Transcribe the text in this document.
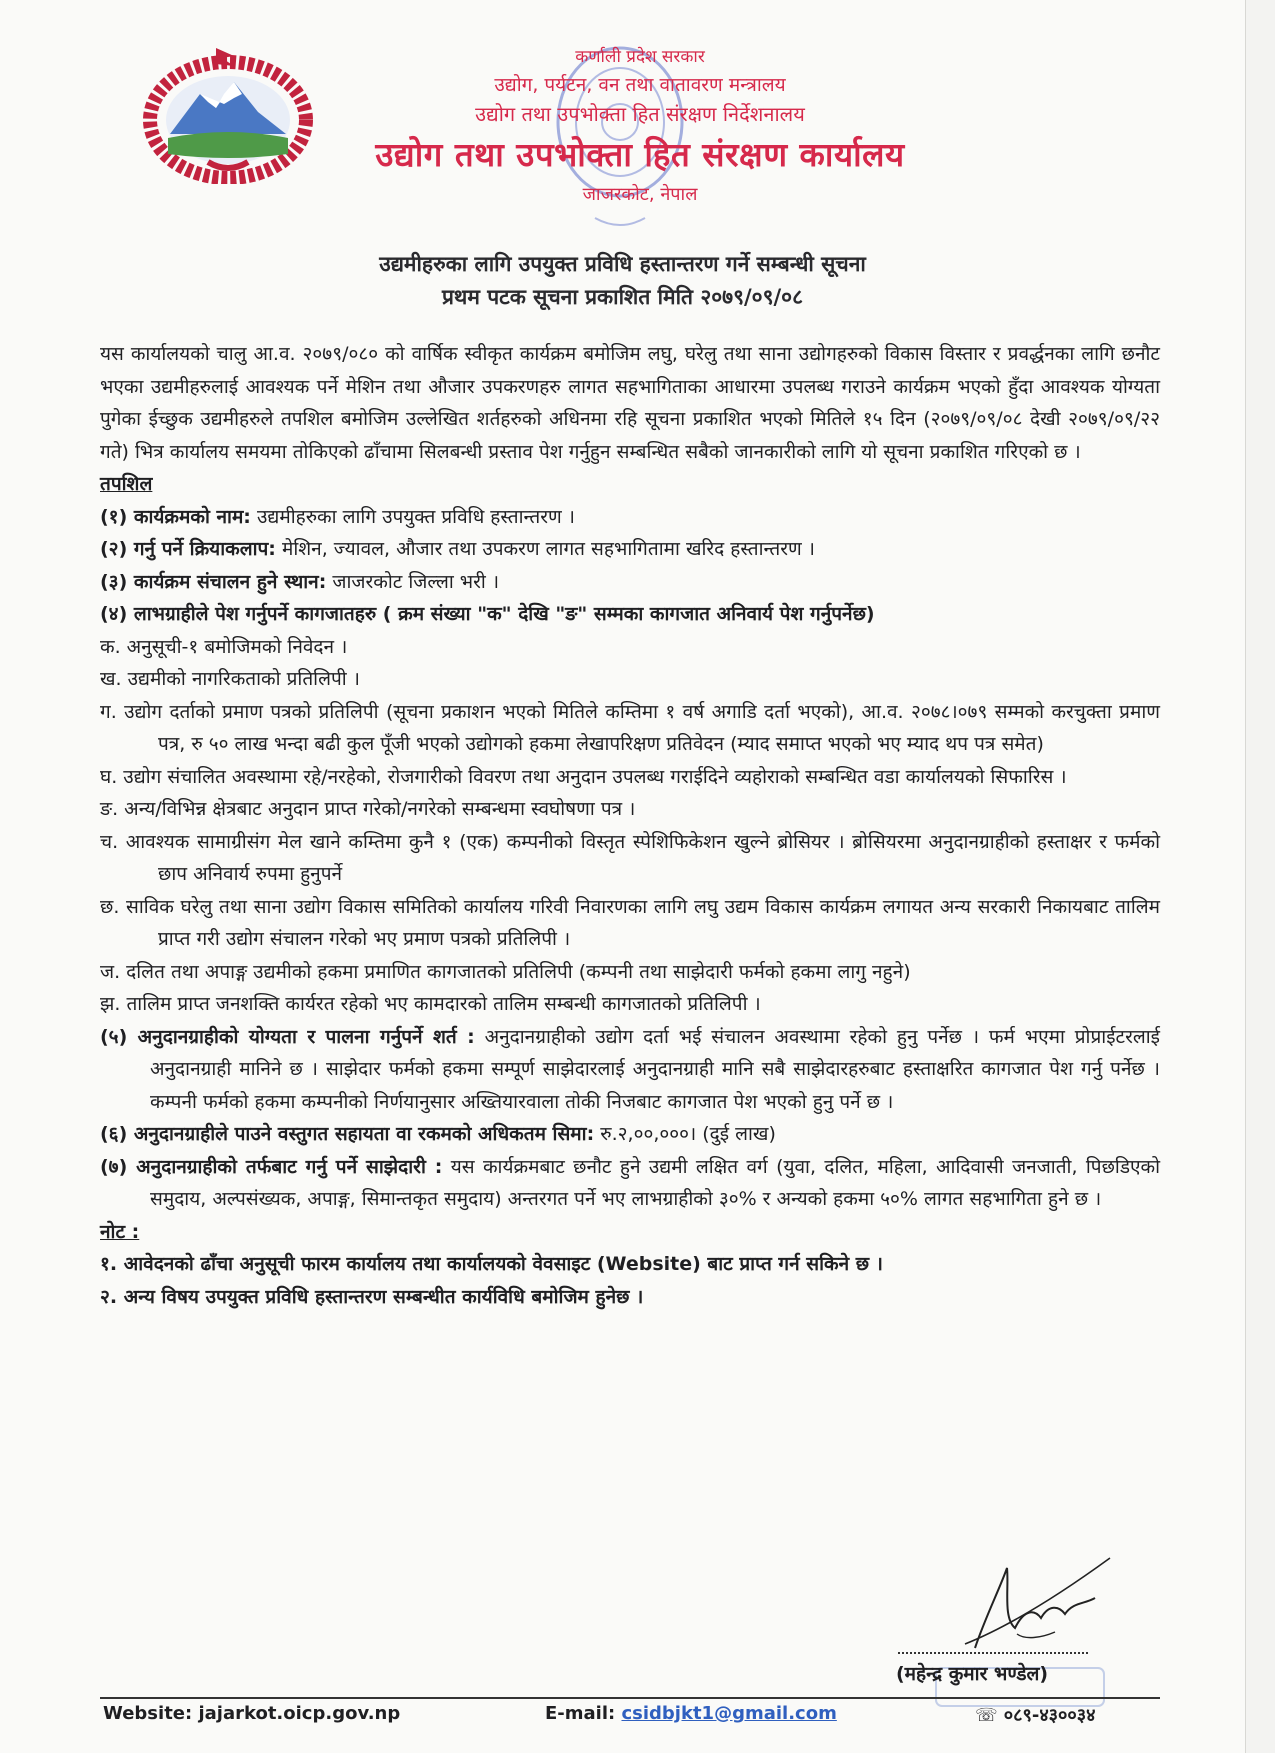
कर्णाली प्रदेश सरकार
उद्योग, पर्यटन, वन तथा वातावरण मन्त्रालय
उद्योग तथा उपभोक्ता हित संरक्षण निर्देशनालय
उद्योग तथा उपभोक्ता हित संरक्षण कार्यालय
जाजरकोट, नेपाल
उद्यमीहरुका लागि उपयुक्त प्रविधि हस्तान्तरण गर्ने सम्बन्धी सूचना
प्रथम पटक सूचना प्रकाशित मिति २०७९/०९/०८

यस कार्यालयको चालु आ.व. २०७९/०८० को वार्षिक स्वीकृत कार्यक्रम बमोजिम लघु, घरेलु तथा साना उद्योगहरुको विकास विस्तार र प्रवर्द्धनका लागि छनौट भएका उद्यमीहरुलाई आवश्यक पर्ने मेशिन तथा औजार उपकरणहरु लागत सहभागिताका आधारमा उपलब्ध गराउने कार्यक्रम भएको हुँदा आवश्यक योग्यता पुगेका ईच्छुक उद्यमीहरुले तपशिल बमोजिम उल्लेखित शर्तहरुको अधिनमा रहि सूचना प्रकाशित भएको मितिले १५ दिन (२०७९/०९/०८ देखी २०७९/०९/२२ गते) भित्र कार्यालय समयमा तोकिएको ढाँचामा सिलबन्धी प्रस्ताव पेश गर्नुहुन सम्बन्धित सबैको जानकारीको लागि यो सूचना प्रकाशित गरिएको छ ।

तपशिल

(१) कार्यक्रमको नाम: उद्यमीहरुका लागि उपयुक्त प्रविधि हस्तान्तरण ।

(२) गर्नु पर्ने क्रियाकलाप: मेशिन, ज्यावल, औजार तथा उपकरण लागत सहभागितामा खरिद हस्तान्तरण ।

(३) कार्यक्रम संचालन हुने स्थान: जाजरकोट जिल्ला भरी ।

(४) लाभग्राहीले पेश गर्नुपर्ने कागजातहरु ( क्रम संख्या "क" देखि "ङ" सम्मका कागजात अनिवार्य पेश गर्नुपर्नेछ)

क. अनुसूची-१ बमोजिमको निवेदन ।

ख. उद्यमीको नागरिकताको प्रतिलिपी ।

ग. उद्योग दर्ताको प्रमाण पत्रको प्रतिलिपी (सूचना प्रकाशन भएको मितिले कम्तिमा १ वर्ष अगाडि दर्ता भएको), आ.व. २०७८।०७९ सम्मको करचुक्ता प्रमाण पत्र, रु ५० लाख भन्दा बढी कुल पूँजी भएको उद्योगको हकमा लेखापरिक्षण प्रतिवेदन (म्याद समाप्त भएको भए म्याद थप पत्र समेत)

घ. उद्योग संचालित अवस्थामा रहे/नरहेको, रोजगारीको विवरण तथा अनुदान उपलब्ध गराईदिने व्यहोराको सम्बन्धित वडा कार्यालयको सिफारिस ।

ङ. अन्य/विभिन्न क्षेत्रबाट अनुदान प्राप्त गरेको/नगरेको सम्बन्धमा स्वघोषणा पत्र ।

च. आवश्यक सामाग्रीसंग मेल खाने कम्तिमा कुनै १ (एक) कम्पनीको विस्तृत स्पेशिफिकेशन खुल्ने ब्रोसियर । ब्रोसियरमा अनुदानग्राहीको हस्ताक्षर र फर्मको छाप अनिवार्य रुपमा हुनुपर्ने

छ. साविक घरेलु तथा साना उद्योग विकास समितिको कार्यालय गरिवी निवारणका लागि लघु उद्यम विकास कार्यक्रम लगायत अन्य सरकारी निकायबाट तालिम प्राप्त गरी उद्योग संचालन गरेको भए प्रमाण पत्रको प्रतिलिपी ।

ज. दलित तथा अपाङ्ग उद्यमीको हकमा प्रमाणित कागजातको प्रतिलिपी (कम्पनी तथा साझेदारी फर्मको हकमा लागु नहुने)

झ. तालिम प्राप्त जनशक्ति कार्यरत रहेको भए कामदारको तालिम सम्बन्धी कागजातको प्रतिलिपी ।

(५) अनुदानग्राहीको योग्यता र पालना गर्नुपर्ने शर्त : अनुदानग्राहीको उद्योग दर्ता भई संचालन अवस्थामा रहेको हुनु पर्नेछ । फर्म भएमा प्रोप्राईटरलाई अनुदानग्राही मानिने छ । साझेदार फर्मको हकमा सम्पूर्ण साझेदारलाई अनुदानग्राही मानि सबै साझेदारहरुबाट हस्ताक्षरित कागजात पेश गर्नु पर्नेछ । कम्पनी फर्मको हकमा कम्पनीको निर्णयानुसार अख्तियारवाला तोकी निजबाट कागजात पेश भएको हुनु पर्ने छ ।

(६) अनुदानग्राहीले पाउने वस्तुगत सहायता वा रकमको अधिकतम सिमा: रु.२,००,०००। (दुई लाख)

(७) अनुदानग्राहीको तर्फबाट गर्नु पर्ने साझेदारी : यस कार्यक्रमबाट छनौट हुने उद्यमी लक्षित वर्ग (युवा, दलित, महिला, आदिवासी जनजाती, पिछडिएको समुदाय, अल्पसंख्यक, अपाङ्ग, सिमान्तकृत समुदाय) अन्तरगत पर्ने भए लाभग्राहीको ३०% र अन्यको हकमा ५०% लागत सहभागिता हुने छ ।

नोट :

१. आवेदनको ढाँचा अनुसूची फारम कार्यालय तथा कार्यालयको वेवसाइट (Website) बाट प्राप्त गर्न सकिने छ ।

२. अन्य विषय उपयुक्त प्रविधि हस्तान्तरण सम्बन्धीत कार्यविधि बमोजिम हुनेछ ।

(महेन्द्र कुमार भण्डेल)
Website: jajarkot.oicp.gov.np	E-mail: csidbjkt1@gmail.com	☏ ०८९-४३००३४
